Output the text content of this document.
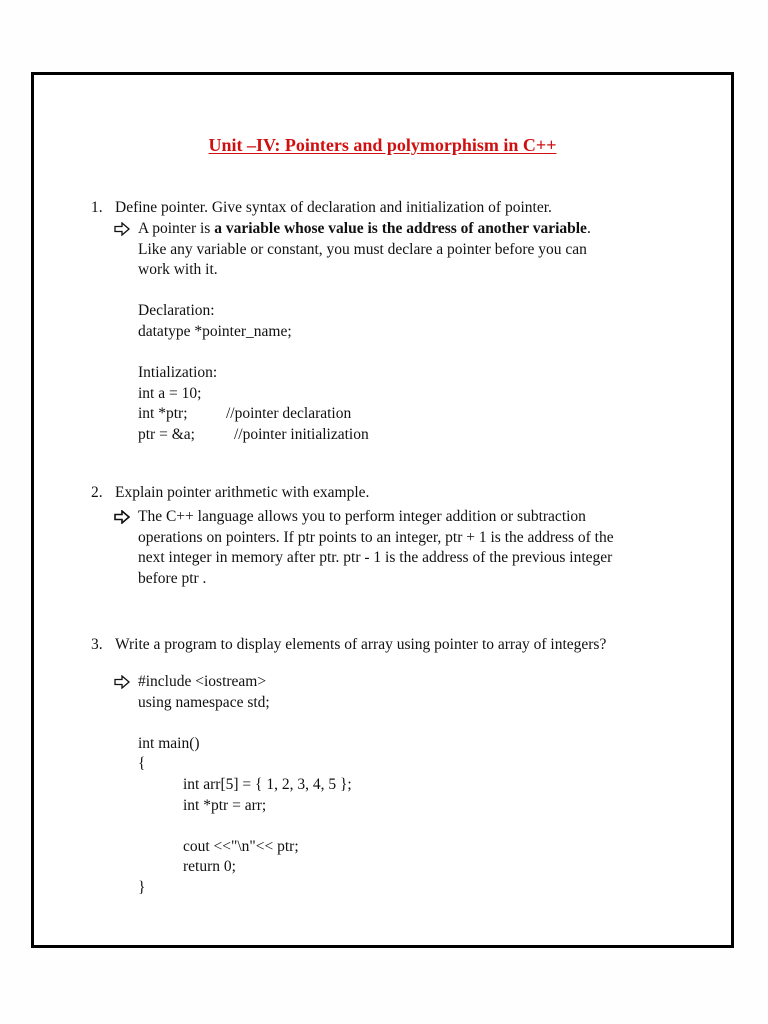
Unit –IV: Pointers and polymorphism in C++
1. Define pointer. Give syntax of declaration and initialization of pointer.
A pointer is a variable whose value is the address of another variable.
Like any variable or constant, you must declare a pointer before you can
work with it.
Declaration:
datatype *pointer_name;
Intialization:
int a = 10;
int *ptr; //pointer declaration
ptr = &a;	//pointer initialization
2. Explain pointer arithmetic with example.
The C++ language allows you to perform integer addition or subtraction
operations on pointers. If ptr points to an integer, ptr + 1 is the address of the
next integer in memory after ptr. ptr - 1 is the address of the previous integer
before ptr .
3. Write a program to display elements of array using pointer to array of integers?
#include <iostream>
using namespace std;
int main()
{
int arr[5] = { 1, 2, 3, 4, 5 };
int *ptr = arr;
cout <<"\n"<< ptr;
return 0;
}
